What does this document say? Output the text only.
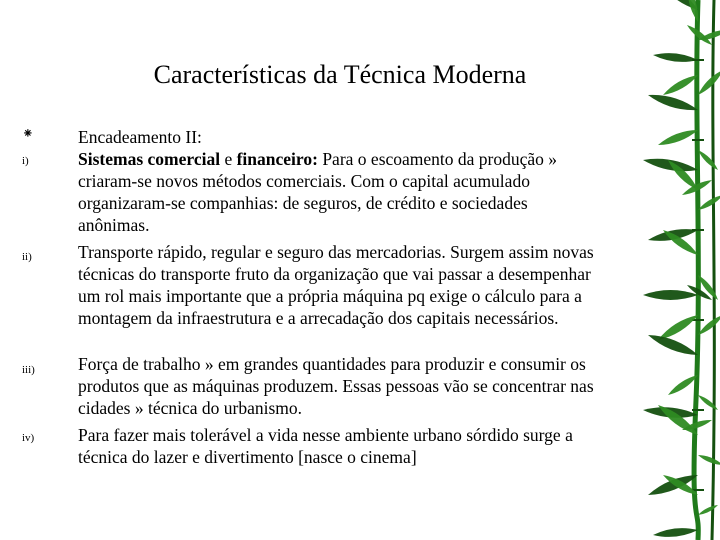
Características da Técnica Moderna
⁕	Encadeamento II:
i)	Sistemas comercial e financeiro: Para o escoamento da produção » criaram-se novos métodos comerciais. Com o capital acumulado organizaram-se companhias: de seguros, de crédito e sociedades anônimas.
ii)	Transporte rápido, regular e seguro das mercadorias. Surgem assim novas técnicas do transporte fruto da organização que vai passar a desempenhar um rol mais importante que a própria máquina pq exige o cálculo para a montagem da infraestrutura e a arrecadação dos capitais necessários.
iii) Força de trabalho » em grandes quantidades para produzir e consumir os produtos que as máquinas produzem. Essas pessoas vão se concentrar nas cidades » técnica do urbanismo.
iv)	Para fazer mais tolerável a vida nesse ambiente urbano sórdido surge a técnica do lazer e divertimento [nasce o cinema]
